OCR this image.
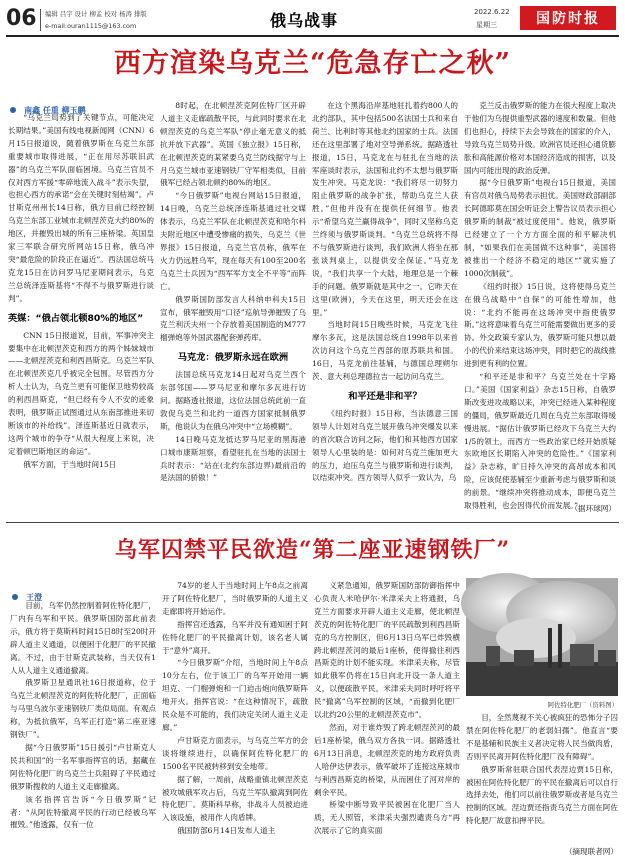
06 编辑 吕宇 设计 柳孟 校对 杨涛 排版
e-mail:ouran1115@163.com	俄乌战事	2022.6.22
星期三	国防时报
西方渲染乌克兰“危急存亡之秋”
南鑫 任重 柳玉鹏

“乌克兰局势到了关键节点，可能决定长期结果。”美国有线电视新闻网（CNN）6月15日报道说，随着俄罗斯在乌克兰东部重要城市取得进展，“正在用尽苏联旧武器”的乌克兰军队面临困境。乌克兰官员不仅对西方军援“零碎地流入战斗”表示失望，也担心西方的承诺“会在关键时刻枯竭”。卢甘斯克州州长14日称，俄方目前已经控制乌克兰东部工业城市北顿涅茨克大约80%的地区，并摧毁出城的所有三座桥梁。英国皇家三军联合研究所网站15日称，俄乌冲突“最危险的阶段正在逼近”。西法国总统马克龙15日在访问罗马尼亚期间表示，乌克兰总统泽连斯基将“不得不与俄罗斯进行谈判”。

英媒：“俄占领北顿80%的地区”

CNN 15日报道说，目前，军事冲突主要集中在北顿涅茨克和西方的两个姊妹城市——北顿涅茨克和利西昌斯克。乌克兰军队在北顿涅茨克几乎被完全包围。尽管西方分析人士认为，乌克兰更有可能保卫地势较高的利西昌斯克，“但已经有令人不安的迹象表明，俄罗斯正试图通过从东南部推进来切断该市的补给线”。泽连斯基近日就表示，这两个城市的争夺“从很大程度上来说，决定着顿巴斯地区的命运”。

俄军方面，于当地时间15日

8时起，在北顿涅茨克阿佐特厂区开辟人道主义走廊疏散平民，与此同时要求在北顿涅茨克的乌克兰军队“停止毫无意义的抵抗并放下武器”。英国《独立报》15日称，在北顿涅茨克的某紧要乌克兰防线据守与上月乌克兰城市亚速钢铁厂守军相类似，目前俄军已经占领北顿约80%的地区。

“今日俄罗斯”电视台网站15日报道，14日晚，乌克兰总统泽连斯基通过社交媒体表示，乌克兰军队在北顿涅茨克和哈尔科夫附近地区中遭受惨痛的损失，乌克兰《世界报》15日报道，乌克兰官员称，俄军在火力仍远胜乌军，现在每天有100至200名乌克兰士兵因为“西军军方支全不平等”而阵亡。

俄罗斯国防部发言人科纳申科夫15日宣布，俄军摧毁用“口径”巡航导弹摧毁了乌克兰利沃夫州一个存放着美国制造的M777榴弹炮等外国武器配套弹药库。

马克龙：俄罗斯永远在欧洲

法国总统马克龙14日起对乌克兰西个东部邻国——罗马尼亚和摩尔多瓦进行访问。据路透社报道，这位法国总统此前一直敦促乌克兰和北约一道西方国家抵制俄罗斯，他说认为在俄乌冲突中“立场模糊”。

14日晚马克龙抵达罗马尼亚的黑海港口城市康斯坦察，看望驻扎在当地的法国士兵时表示：“站在(北约东部边界)最前沿的是法国的骄傲！”

在这个黑海沿岸基地驻扎着约800人的北约部队，其中包括500名法国士兵和来自荷兰、比利时等其他北约国家的士兵。法国还在这里部署了地对空导弹系统。据路透社报道，15日，马克龙在与驻扎在当地的法军座谈时表示，法国和北约不太想与俄罗斯发生冲突。马克龙说：“我们将尽一切努力阻止俄罗斯的战争扩张，帮助乌克兰人获胜。”但他并没有在提供任何细节。他表示“希望乌克兰赢得战争”，同时又坚称乌克兰终须与俄罗斯谈判。“乌克兰总统将不得不与俄罗斯进行谈判，我们欧洲人将坐在那张谈判桌上，以提供安全保证。”马克龙说，“我们共享一个大陆，地理总是一个棘手的问题。俄罗斯就是其中之一。它昨天在这里(欧洲)，今天在这里，明天还会在这里。”

当地时间15日晚些时候，马克龙飞往摩尔多瓦，这是法国总统自1998年以来首次访问这个乌克兰西部的原苏联共和国。16日，马克龙前往基辅，与德国总理朔尔茨、意大利总理德拉吉一起访问乌克兰。

和平还是非和平？

《纽约时报》15日称，当法德意三国领导人计划对乌克兰展开俄乌冲突爆发以来的首次联合访问之际，他们和其他西方国家领导人心里装的是：如何对乌克兰施加更大的压力，迫压乌克兰与俄罗斯和进行谈判，以结束冲突。西方领导人似乎一致认为，乌

克兰反击俄罗斯的能力在很大程度上取决于他们为乌提供重型武器的速度和数量。但他们也担心，持续下去会导致在的国家的介入，导致乌克兰局势升级。欧洲官员还担心通货膨胀和高能源价格对本国经济造成的损害，以及国内可能出现的政治反弹。

据“今日俄罗斯”电视台15日报道，美国有官员对俄乌局势表示担忧。美国财政部副部长阿德耶莫在国会听证会上警告议员表示担心俄罗斯的制裁“被过度使用”。他说，俄罗斯已经建立了一个方方面全面的和平解决机制，“如果我们在美国做不这种事”，美国将被推出一个经济不稳定的地区“”就实施了1000次制裁”。

《纽约时报》15日说，这将使得乌克兰在俄乌战略中“自保”的可能性增加，他说：“北约不能再在这场冲突中指使俄罗斯。”这将意味着乌克兰可能需要做出更多的妥协。外交政策专家认为，俄罗斯可能只想以最小的代价来结束这场冲突，同时把它的战线推进到更有利的位置。

“和平还是非和平？乌克兰处在十字路口。”美国《国家利益》杂志15日称，自俄罗斯改变进攻战略以来，冲突已经进入某种程度的僵局，俄罗斯最近几周在乌克兰东部取得缓慢进展。“据估计俄罗斯已经攻下乌克兰大约1/5的领土，而西方一些政治家已经开始质疑东欧地区长期陷入冲突的危险性。”《国家利益》杂志称，旷日持久冲突的高昂成本和风险，应该促使基辅至少重新考虑与俄罗斯和谈的前景。“继续冲突将推动成本，即便乌克兰取得胜利，也会因得代价而发展。”

（据环球网）
乌军囚禁平民欲造“第二座亚速钢铁厂”
王澄

目前，乌军仍然控制着阿佐特化肥厂，厂内有乌军和平民。俄罗斯国防部此前表示，俄方将于莫斯科时间15日8时至20时开辟人道主义通道，以便困于化肥厂的平民撤离。不过，由于甘斯克武装称，当天仅有1人从人道主义通道撤离。

俄罗斯卫星通讯社16日报道称，位于乌克兰北顿涅茨克的阿佐特化肥厂，正面临与马里乌波尔亚速钢铁厂类似局面。有观点称，为抵抗俄军，乌军正打造“第二座亚速钢铁厂”。

据“今日俄罗斯”15日援引“卢甘斯克人民共和国”的一名军事指挥官的话，据藏在阿佐特化肥厂的乌克兰士兵阻碍了平民通过俄罗斯搜救的人道主义走廊撤离。

该名指挥官告诉“今日俄罗斯”记者：“从阿佐特撤离平民的行动已经被乌军摧毁。”他透露，仅有一位

74岁的老人于当地时间上午8点之前离开了阿佐特化肥厂，当时俄罗斯的人道主义走廊即将开始运作。

指挥官还透露，乌军并没有通知困于阿佐特化肥厂的平民撤离计划，该名老人属于“意外”离开。

“今日俄罗斯”介绍，当地时间上午8点10分左右，位于该工厂的乌军开始用一辆坦克、一门榴弹炮和一门迫击炮向俄罗斯阵地开火。指挥官说：“在这种情况下，疏散民众是不可能的，我们决定关闭人道主义走廊。”

卢甘斯克方面表示，与乌克兰军方的会谈将继续进行，以确保阿佐特化肥厂的1500名平民被转移到安全地带。

据了解，一周前，战略重镇北顿涅茨克被攻城俄军攻占后，乌克兰军队撤离到阿佐特化肥厂。莫斯科早称，非战斗人员被迫进入该设施，被用作人肉盾牌。

俄国防部6月14日发布人道主

义紧急通知，俄罗斯国防部防御指挥中心负责人米哈伊尔·米津采夫上将通报，乌克兰方面要求开辟人道主义走廊，使北顿涅茨克的阿佐特化肥厂的平民疏散到利西昌斯克的乌方控制区，但6月13日乌军已炸毁横跨北顿涅茨河的最后1座桥，使得撤往利西昌斯克的计划不能实现。米津采夫称，尽管如此俄军仍将在15日向北开设一条人道主义，以便疏散平民。米津采夫同时呼吁将平民“撤离”乌军控制的区域，“而撤到化肥厂以北约20公里的北顿涅茨克市”。

然而，对于谁炸毁了跨北顿涅茨河的最后1座桥梁，俄乌双方各执一词。据路透社6月13日消息，北顿涅茨克的地方政府负责人哈伊达伊表示，俄军破坏了连接这座城市与利西昌斯克的桥梁，从而困住了河对岸的剩余平民。

桥梁中断导致平民被困在化肥厂当人质，无人照管，米津采夫强烈谴责乌方“再次展示了它的真实面

阿佐特化肥厂（资料图）

目，全然蔑视不关心被疯狂的恐怖分子囚禁在阿佐特化肥厂的老弱妇孺”。他直言“要不是基辅和民族主义者决定将人民当做肉盾，否则平民离开阿佐特化肥厂没有障碍”。

俄罗斯常驻联合国代表涅边贾15日称，被困在阿佐特化肥厂的平民在撤离后可以自行选择去处，他们可以前往俄罗斯或者是乌克兰控制的区域。涅边贾还指责乌克兰方面在阿佐特化肥厂故意扣押平民。

（摘现联者网）
